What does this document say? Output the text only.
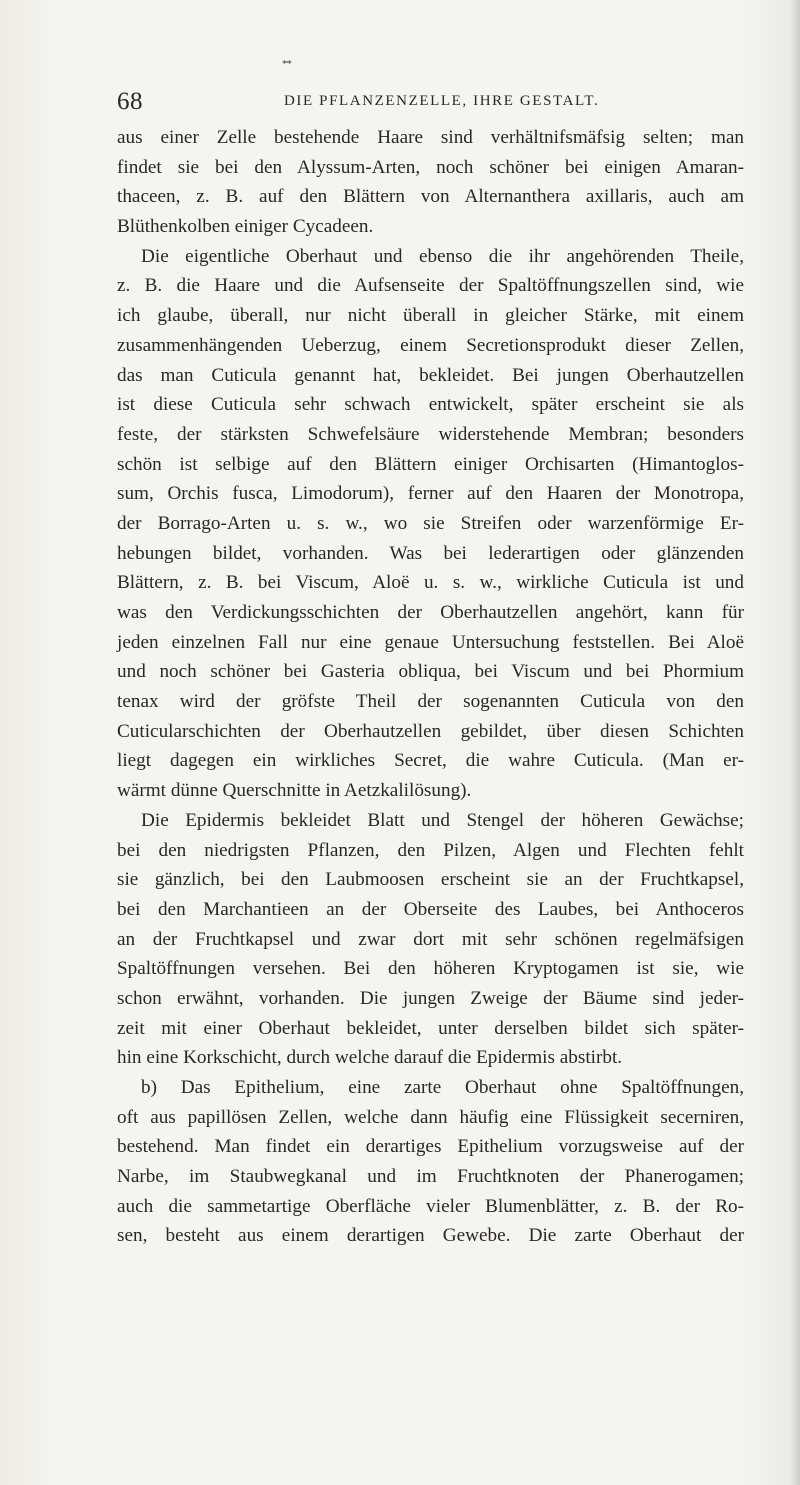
**
68	DIE PFLANZENZELLE, IHRE GESTALT.
aus einer Zelle bestehende Haare sind verhältnifsmäfsig selten; man
findet sie bei den Alyssum-Arten, noch schöner bei einigen Amaran-
thaceen, z. B. auf den Blättern von Alternanthera axillaris, auch am
Blüthenkolben einiger Cycadeen.
Die eigentliche Oberhaut und ebenso die ihr angehörenden Theile,
z. B. die Haare und die Aufsenseite der Spaltöffnungszellen sind, wie
ich glaube, überall, nur nicht überall in gleicher Stärke, mit einem
zusammenhängenden Ueberzug, einem Secretionsprodukt dieser Zellen,
das man Cuticula genannt hat, bekleidet. Bei jungen Oberhautzellen
ist diese Cuticula sehr schwach entwickelt, später erscheint sie als
feste, der stärksten Schwefelsäure widerstehende Membran; besonders
schön ist selbige auf den Blättern einiger Orchisarten (Himantoglos-
sum, Orchis fusca, Limodorum), ferner auf den Haaren der Monotropa,
der Borrago-Arten u. s. w., wo sie Streifen oder warzenförmige Er-
hebungen bildet, vorhanden. Was bei lederartigen oder glänzenden
Blättern, z. B. bei Viscum, Aloë u. s. w., wirkliche Cuticula ist und
was den Verdickungsschichten der Oberhautzellen angehört, kann für
jeden einzelnen Fall nur eine genaue Untersuchung feststellen. Bei Aloë
und noch schöner bei Gasteria obliqua, bei Viscum und bei Phormium
tenax wird der gröfste Theil der sogenannten Cuticula von den
Cuticularschichten der Oberhautzellen gebildet, über diesen Schichten
liegt dagegen ein wirkliches Secret, die wahre Cuticula. (Man er-
wärmt dünne Querschnitte in Aetzkalilösung).
Die Epidermis bekleidet Blatt und Stengel der höheren Gewächse;
bei den niedrigsten Pflanzen, den Pilzen, Algen und Flechten fehlt
sie gänzlich, bei den Laubmoosen erscheint sie an der Fruchtkapsel,
bei den Marchantieen an der Oberseite des Laubes, bei Anthoceros
an der Fruchtkapsel und zwar dort mit sehr schönen regelmäfsigen
Spaltöffnungen versehen. Bei den höheren Kryptogamen ist sie, wie
schon erwähnt, vorhanden. Die jungen Zweige der Bäume sind jeder-
zeit mit einer Oberhaut bekleidet, unter derselben bildet sich später-
hin eine Korkschicht, durch welche darauf die Epidermis abstirbt.
b) Das Epithelium, eine zarte Oberhaut ohne Spaltöffnungen,
oft aus papillösen Zellen, welche dann häufig eine Flüssigkeit secerniren,
bestehend. Man findet ein derartiges Epithelium vorzugsweise auf der
Narbe, im Staubwegkanal und im Fruchtknoten der Phanerogamen;
auch die sammetartige Oberfläche vieler Blumenblätter, z. B. der Ro-
sen, besteht aus einem derartigen Gewebe. Die zarte Oberhaut der
